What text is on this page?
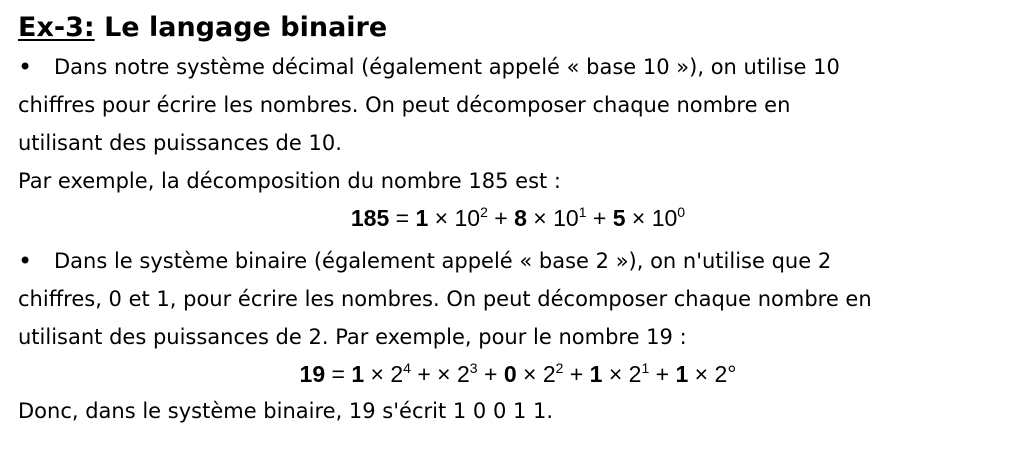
Ex-3: Le langage binaire
• Dans notre système décimal (également appelé « base 10 »), on utilise 10
chiffres pour écrire les nombres. On peut décomposer chaque nombre en
utilisant des puissances de 10.
Par exemple, la décomposition du nombre 185 est :
$185 = 1 \times 10^2 + 8 \times 10^1 + 5 \times 10^0$
• Dans le système binaire (également appelé « base 2 »), on n'utilise que 2
chiffres, 0 et 1, pour écrire les nombres. On peut décomposer chaque nombre en
utilisant des puissances de 2. Par exemple, pour le nombre 19 :
$19 = 1 \times 2^4$ + × $2^3 + 0 \times 2^2 + 1 \times 2^1 + 1 \times 2^\circ$
Donc, dans le système binaire, 19 s'écrit 1 0 0 1 1.
